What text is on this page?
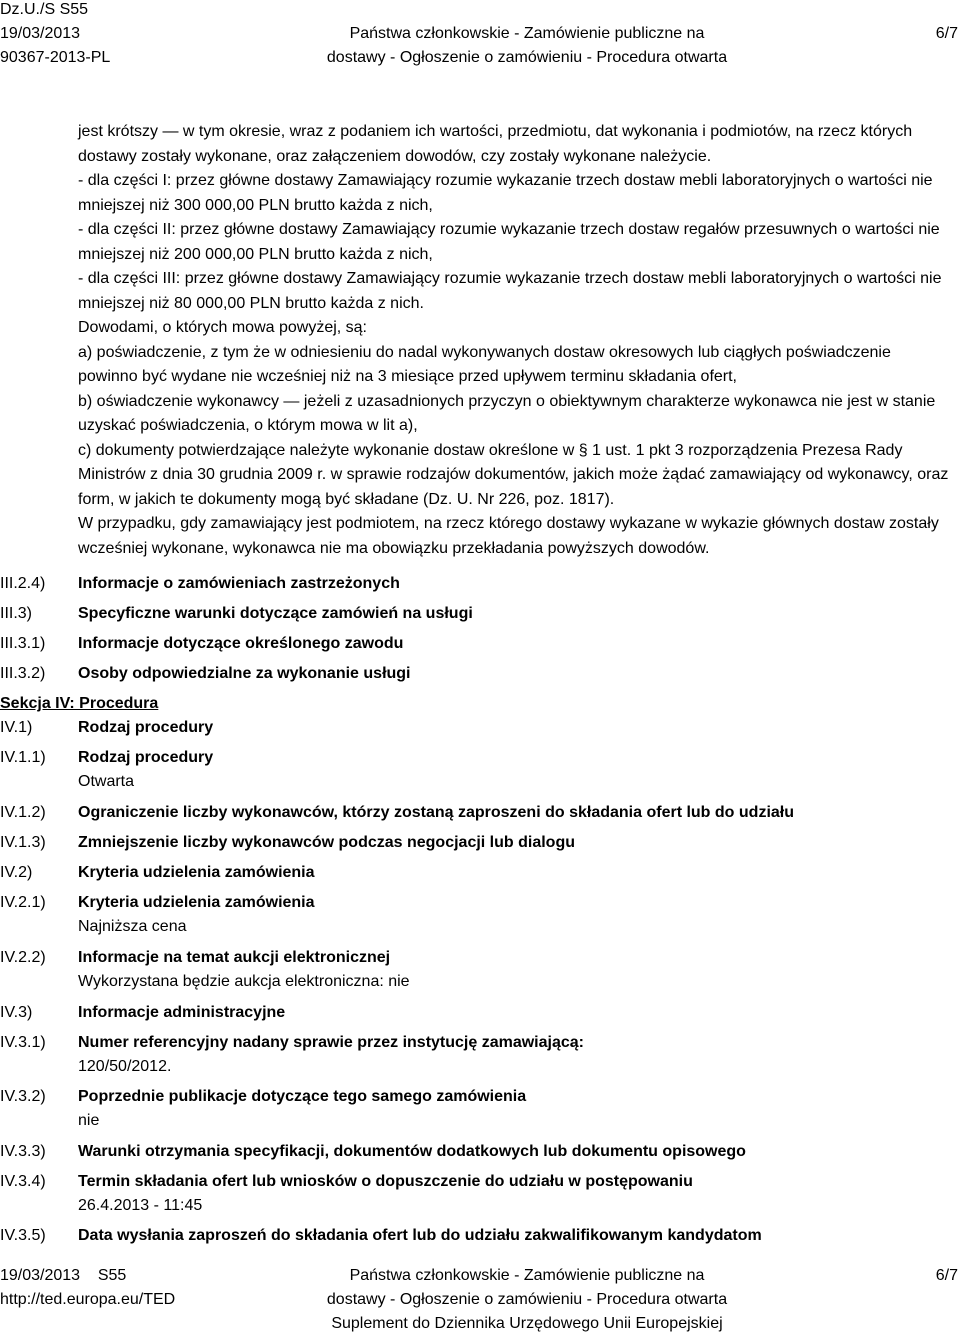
Dz.U./S S55
19/03/2013
90367-2013-PL
Państwa członkowskie - Zamówienie publiczne na
dostawy - Ogłoszenie o zamówieniu - Procedura otwarta
6/7

jest krótszy — w tym okresie, wraz z podaniem ich wartości, przedmiotu, dat wykonania i podmiotów, na rzecz których dostawy zostały wykonane, oraz załączeniem dowodów, czy zostały wykonane należycie.

- dla części I: przez główne dostawy Zamawiający rozumie wykazanie trzech dostaw mebli laboratoryjnych o wartości nie mniejszej niż 300 000,00 PLN brutto każda z nich,

- dla części II: przez główne dostawy Zamawiający rozumie wykazanie trzech dostaw regałów przesuwnych o wartości nie mniejszej niż 200 000,00 PLN brutto każda z nich,

- dla części III: przez główne dostawy Zamawiający rozumie wykazanie trzech dostaw mebli laboratoryjnych o wartości nie mniejszej niż 80 000,00 PLN brutto każda z nich.

Dowodami, o których mowa powyżej, są:

a) poświadczenie, z tym że w odniesieniu do nadal wykonywanych dostaw okresowych lub ciągłych poświadczenie powinno być wydane nie wcześniej niż na 3 miesiące przed upływem terminu składania ofert,

b) oświadczenie wykonawcy — jeżeli z uzasadnionych przyczyn o obiektywnym charakterze wykonawca nie jest w stanie uzyskać poświadczenia, o którym mowa w lit a),

c) dokumenty potwierdzające należyte wykonanie dostaw określone w § 1 ust. 1 pkt 3 rozporządzenia Prezesa Rady Ministrów z dnia 30 grudnia 2009 r. w sprawie rodzajów dokumentów, jakich może żądać zamawiający od wykonawcy, oraz form, w jakich te dokumenty mogą być składane (Dz. U. Nr 226, poz. 1817).

W przypadku, gdy zamawiający jest podmiotem, na rzecz którego dostawy wykazane w wykazie głównych dostaw zostały wcześniej wykonane, wykonawca nie ma obowiązku przekładania powyższych dowodów.

III.2.4) Informacje o zamówieniach zastrzeżonych
III.3)	Specyficzne warunki dotyczące zamówień na usługi
III.3.1) Informacje dotyczące określonego zawodu
III.3.2) Osoby odpowiedzialne za wykonanie usługi
Sekcja IV: Procedura
IV.1)	Rodzaj procedury
IV.1.1) Rodzaj procedury
Otwarta
IV.1.2) Ograniczenie liczby wykonawców, którzy zostaną zaproszeni do składania ofert lub do udziału
IV.1.3) Zmniejszenie liczby wykonawców podczas negocjacji lub dialogu
IV.2)	Kryteria udzielenia zamówienia
IV.2.1) Kryteria udzielenia zamówienia
Najniższa cena
IV.2.2) Informacje na temat aukcji elektronicznej
Wykorzystana będzie aukcja elektroniczna: nie
IV.3)	Informacje administracyjne
IV.3.1) Numer referencyjny nadany sprawie przez instytucję zamawiającą:
120/50/2012.
IV.3.2) Poprzednie publikacje dotyczące tego samego zamówienia
nie
IV.3.3) Warunki otrzymania specyfikacji, dokumentów dodatkowych lub dokumentu opisowego
IV.3.4) Termin składania ofert lub wniosków o dopuszczenie do udziału w postępowaniu
26.4.2013 - 11:45
IV.3.5) Data wysłania zaproszeń do składania ofert lub do udziału zakwalifikowanym kandydatom
19/03/2013 S55
http://ted.europa.eu/TED
Państwa członkowskie - Zamówienie publiczne na
dostawy - Ogłoszenie o zamówieniu - Procedura otwarta
Suplement do Dziennika Urzędowego Unii Europejskiej
6/7
